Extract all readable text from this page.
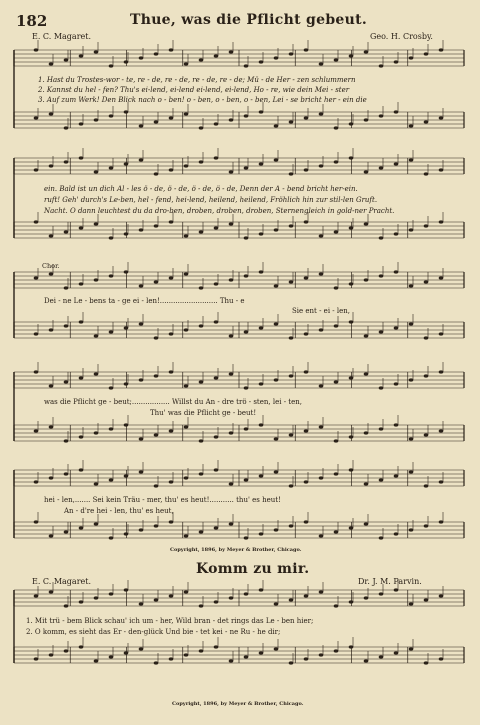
182	Thue, was die Pflicht gebeut.
E. C. Magaret.	Geo. H. Crosby.
1. Hast du Trostes-wor - te, re - de, re - de, re - de, re - de; Mü - de Her - zen schlummern
2. Kannst du hel - fen? Thu's ei-lend, ei-lend ei-lend, ei-lend, Ho - re, wie dein Mei - ster
3. Auf zum Werk! Den Blick nach o - ben! o - ben, o - ben, o - ben, Lei - se bricht her - ein die
ein. Bald ist un dich Al - les ö - de, ö - de, ö - de, ö - de, Denn der A - bend bricht her-ein.
ruft! Geh' durch's Le-ben, hel - fend, hei-lend, heilend, heilend, Fröhlich hin zur stil-len Gruft.
Nacht. O dann leuchtest du da dro-ben, droben, droben, droben, Sternengleich in gold-ner Pracht.
Chor.
Dei - ne Le - bens ta - ge ei - len!.......................... Thu - e
Sie ent - ei - len,
was die Pflicht ge - beut;................. Willst du An - dre trö - sten, lei - ten,
Thu' was die Pflicht ge - beut!
hei - len,....... Sei kein Träu - mer, thu' es heut!........... thu' es heut!
An - d're hei - len, thu' es heut,
Copyright, 1896, by Meyer & Brother, Chicago.
Komm zu mir.
E. C. Magaret.	Dr. J. M. Parvin.
1. Mit trü - bem Blick schau' ich um - her, Wild bran - det rings das Le - ben hier;
2. O komm, es sieht das Er - den-glück Und bie - tet kei - ne Ru - he dir;
Copyright, 1896, by Meyer & Brother, Chicago.
